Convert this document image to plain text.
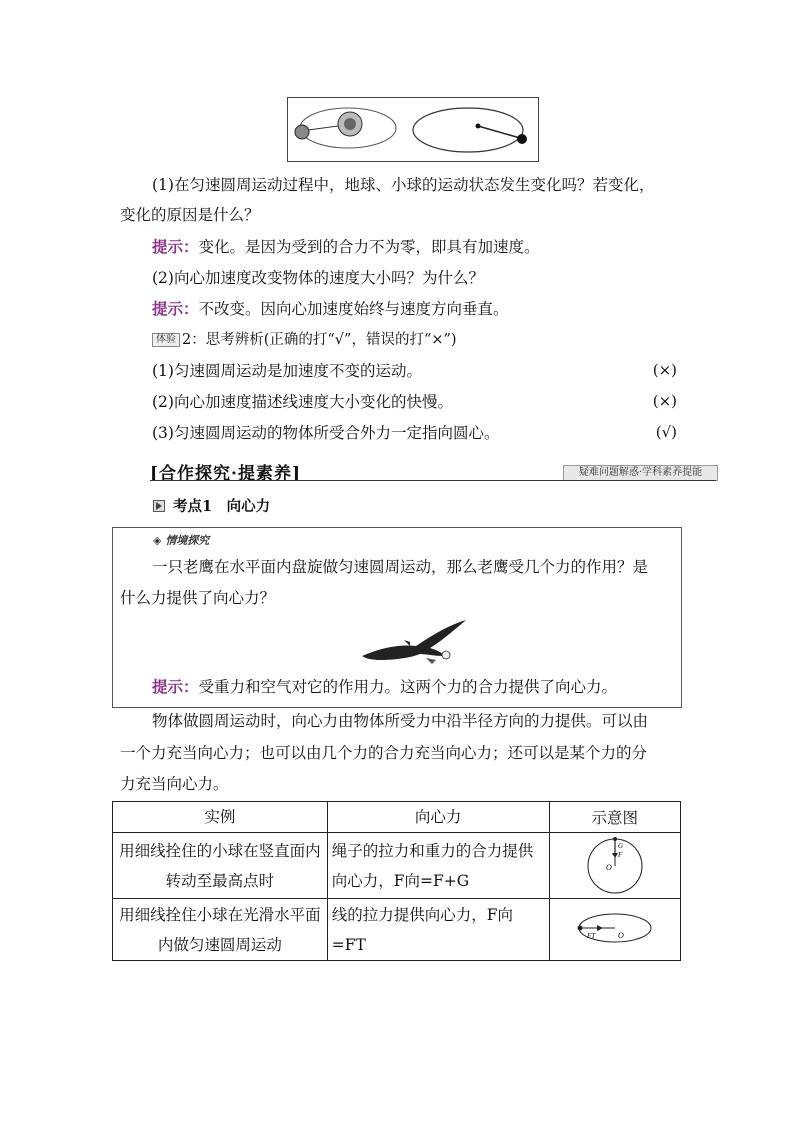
(1)在匀速圆周运动过程中，地球、小球的运动状态发生变化吗？若变化，
变化的原因是什么？
提示：变化。是因为受到的合力不为零，即具有加速度。
(2)向心加速度改变物体的速度大小吗？为什么？
提示：不改变。因向心加速度始终与速度方向垂直。
体验 2：思考辨析(正确的打“√”，错误的打“×”)
(1)匀速圆周运动是加速度不变的运动。	(×)
(2)向心加速度描述线速度大小变化的快慢。	(×)
(3)匀速圆周运动的物体所受合外力一定指向圆心。	(√)
[合作探究·提素养]	疑难问题解惑·学科素养提能
考点1　向心力
◈ 情境探究
一只老鹰在水平面内盘旋做匀速圆周运动，那么老鹰受几个力的作用？是
什么力提供了向心力？
提示：受重力和空气对它的作用力。这两个力的合力提供了向心力。
物体做圆周运动时，向心力由物体所受力中沿半径方向的力提供。可以由
一个力充当向心力；也可以由几个力的合力充当向心力；还可以是某个力的分
力充当向心力。
实例	向心力	示意图
用细线拴住的小球在竖直面内转动至最高点时	绳子的拉力和重力的合力提供向心力，F向=F+G	G
F
O

用细线拴住小球在光滑水平面内做匀速圆周运动	线的拉力提供向心力，F向=FT	FT O
